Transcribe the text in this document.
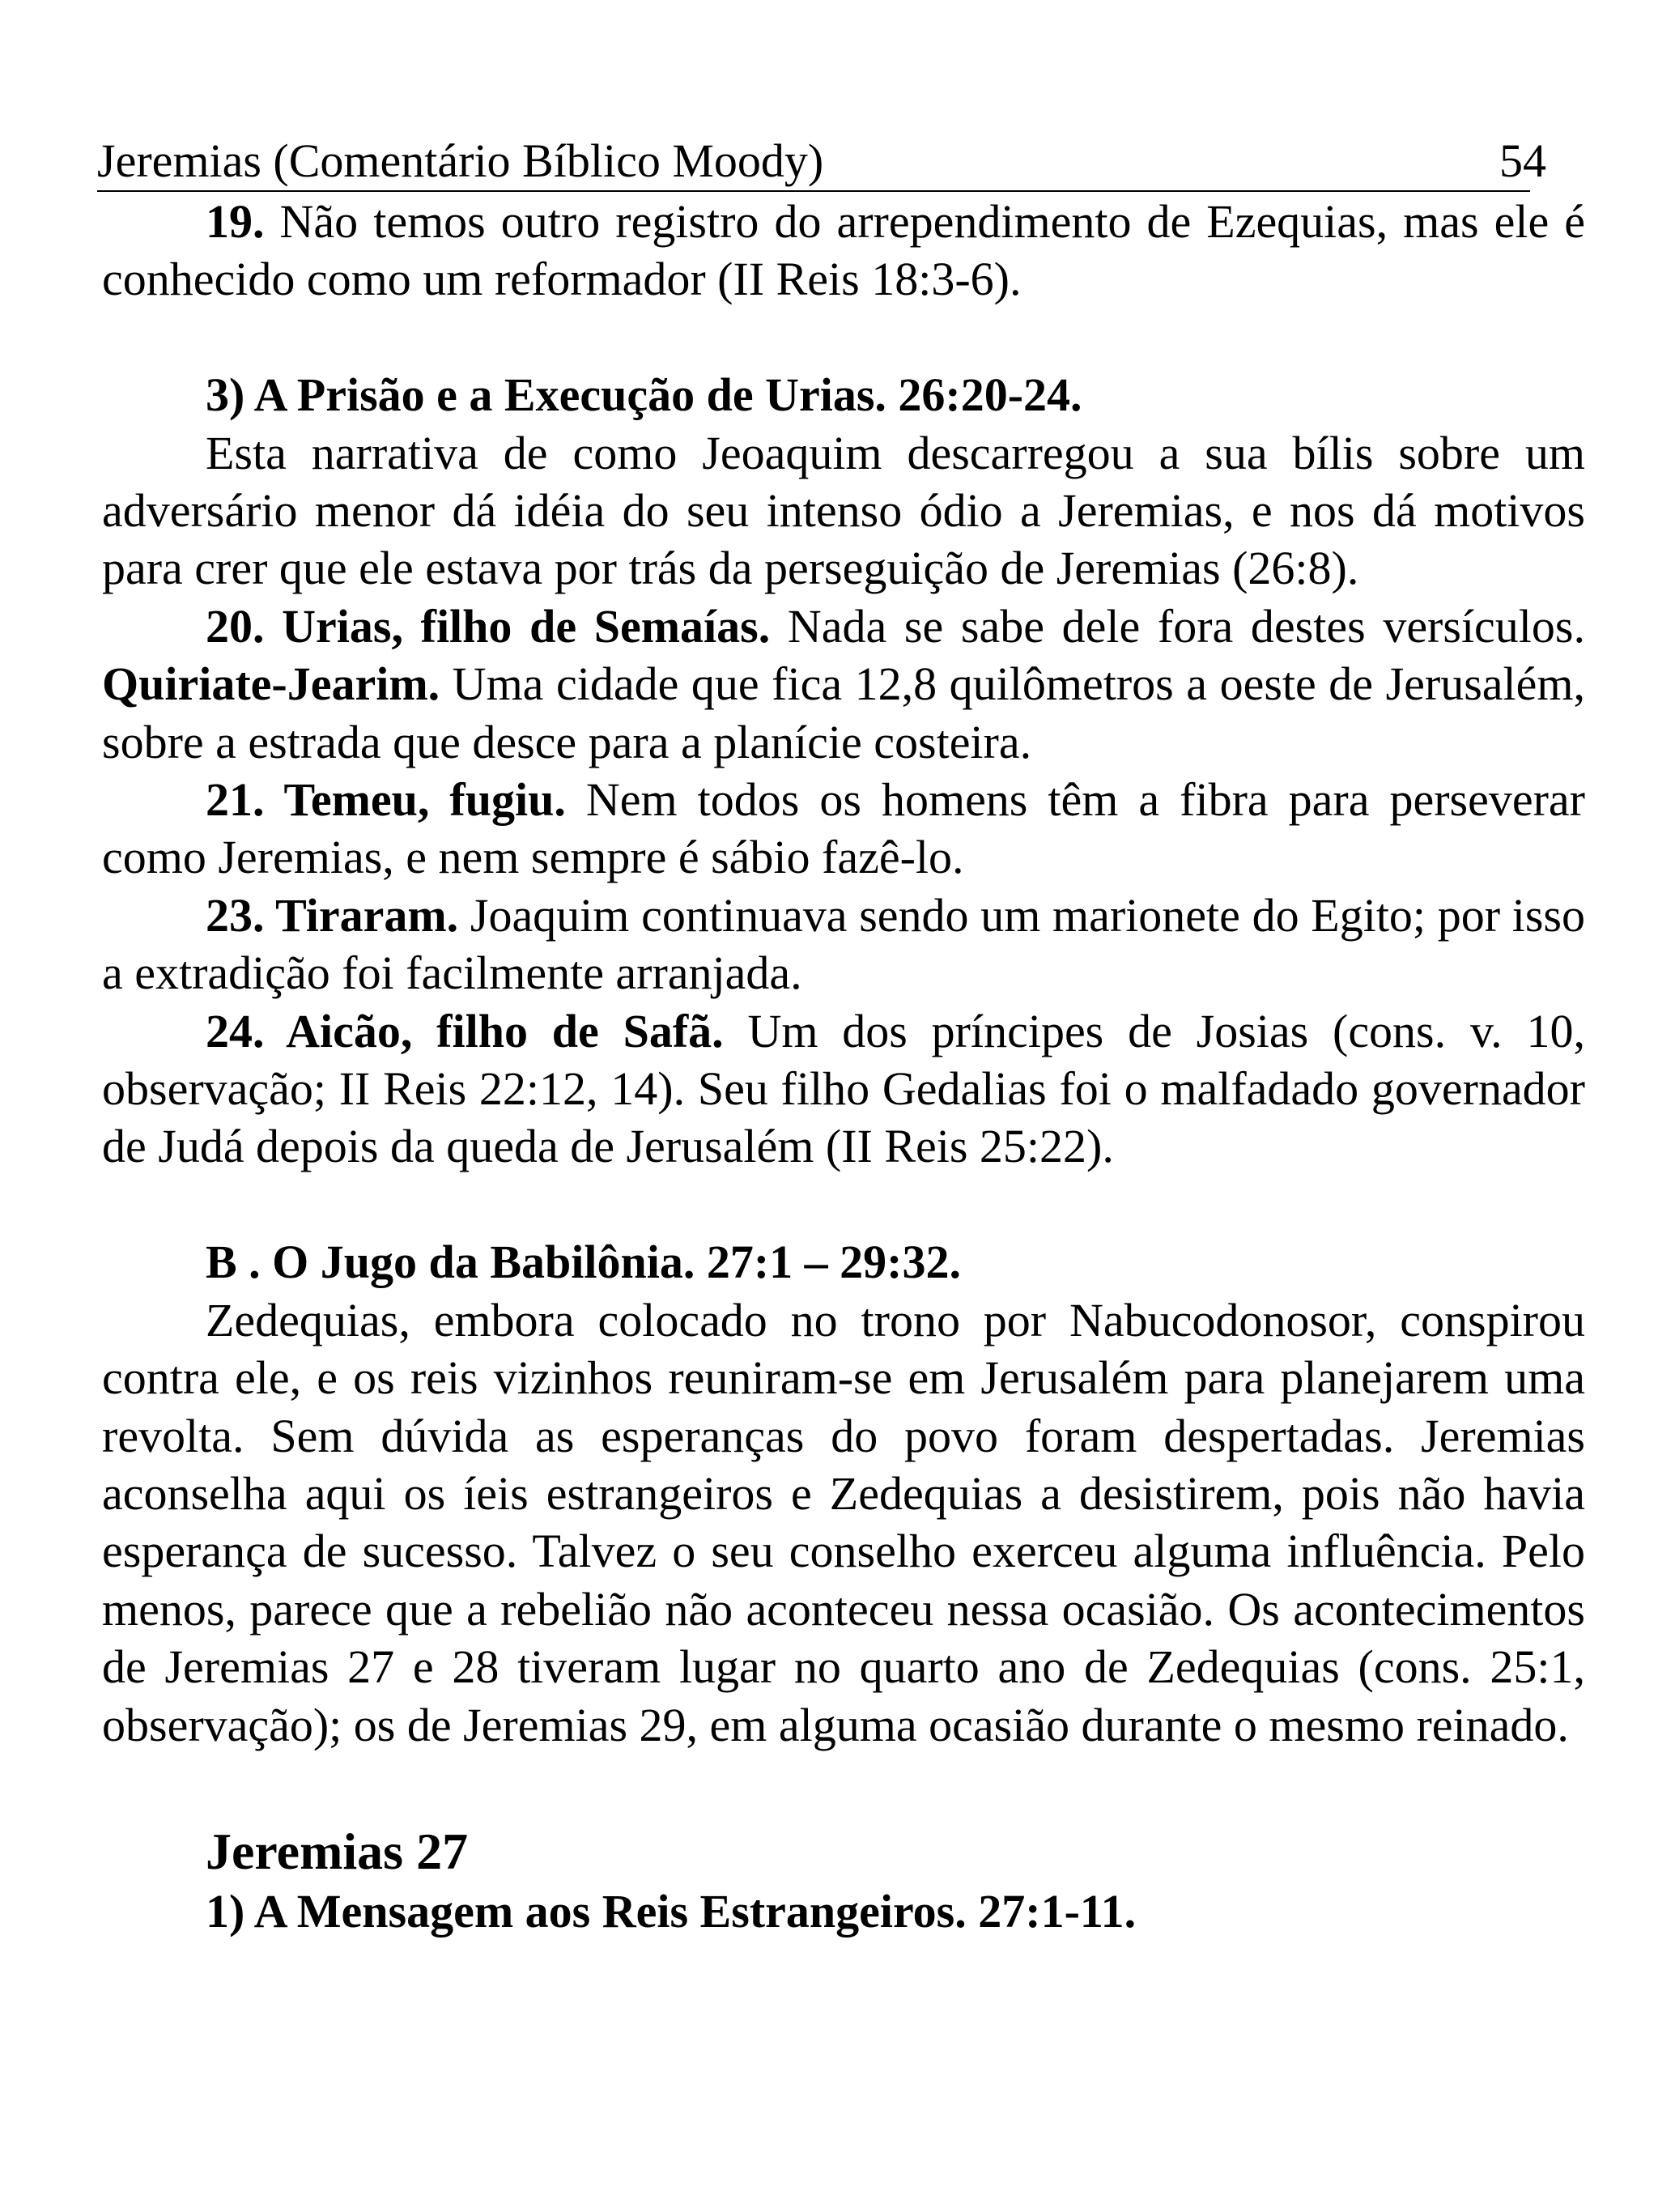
Jeremias (Comentário Bíblico Moody)	54

19. Não temos outro registro do arrependimento de Ezequias, mas ele é conhecido como um reformador (II Reis 18:3-6).

3) A Prisão e a Execução de Urias. 26:20-24.

Esta narrativa de como Jeoaquim descarregou a sua bílis sobre um adversário menor dá idéia do seu intenso ódio a Jeremias, e nos dá motivos para crer que ele estava por trás da perseguição de Jeremias (26:8).

20. Urias, filho de Semaías. Nada se sabe dele fora destes versículos. Quiriate-Jearim. Uma cidade que fica 12,8 quilômetros a oeste de Jerusalém, sobre a estrada que desce para a planície costeira.

21. Temeu, fugiu. Nem todos os homens têm a fibra para perseverar como Jeremias, e nem sempre é sábio fazê-lo.

23. Tiraram. Joaquim continuava sendo um marionete do Egito; por isso a extradição foi facilmente arranjada.

24. Aicão, filho de Safã. Um dos príncipes de Josias (cons. v. 10, observação; II Reis 22:12, 14). Seu filho Gedalias foi o malfadado governador de Judá depois da queda de Jerusalém (II Reis 25:22).

B . O Jugo da Babilônia. 27:1 – 29:32.

Zedequias, embora colocado no trono por Nabucodonosor, conspirou contra ele, e os reis vizinhos reuniram-se em Jerusalém para planejarem uma revolta. Sem dúvida as esperanças do povo foram despertadas. Jeremias aconselha aqui os íeis estrangeiros e Zedequias a desistirem, pois não havia esperança de sucesso. Talvez o seu conselho exerceu alguma influência. Pelo menos, parece que a rebelião não aconteceu nessa ocasião. Os acontecimentos de Jeremias 27 e 28 tiveram lugar no quarto ano de Zedequias (cons. 25:1, observação); os de Jeremias 29, em alguma ocasião durante o mesmo reinado.

Jeremias 27

1) A Mensagem aos Reis Estrangeiros. 27:1-11.
